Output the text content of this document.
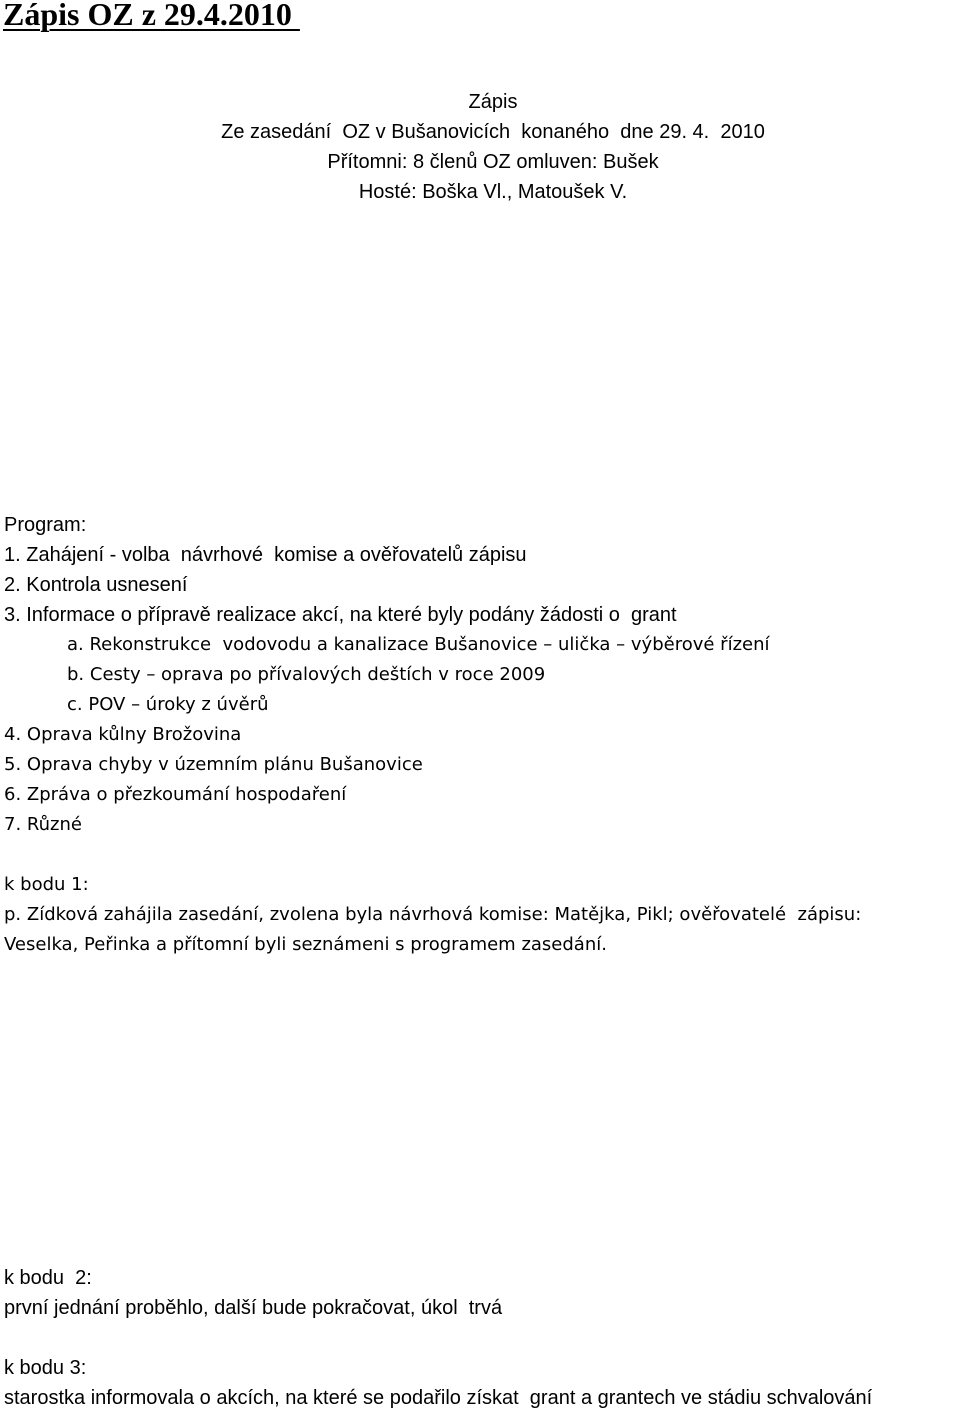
Zápis OZ z 29.4.2010
Zápis
Ze zasedání  OZ v Bušanovicích  konaného  dne 29. 4.  2010
Přítomni: 8 členů OZ omluven: Bušek
Hosté: Boška Vl., Matoušek V.
Program:
1. Zahájení - volba  návrhové  komise a ověřovatelů zápisu
2. Kontrola usnesení
3. Informace o přípravě realizace akcí, na které byly podány žádosti o  grant
a. Rekonstrukce  vodovodu a kanalizace Bušanovice – ulička – výběrové řízení
b. Cesty – oprava po přívalových deštích v roce 2009
c. POV – úroky z úvěrů
4. Oprava kůlny Brožovina
5. Oprava chyby v územním plánu Bušanovice
6. Zpráva o přezkoumání hospodaření
7. Různé
k bodu 1:
p. Zídková zahájila zasedání, zvolena byla návrhová komise: Matějka, Pikl; ověřovatelé  zápisu:
Veselka, Peřinka a přítomní byli seznámeni s programem zasedání.
k bodu  2:
první jednání proběhlo, další bude pokračovat, úkol  trvá
k bodu 3:
starostka informovala o akcích, na které se podařilo získat  grant a grantech ve stádiu schvalování
